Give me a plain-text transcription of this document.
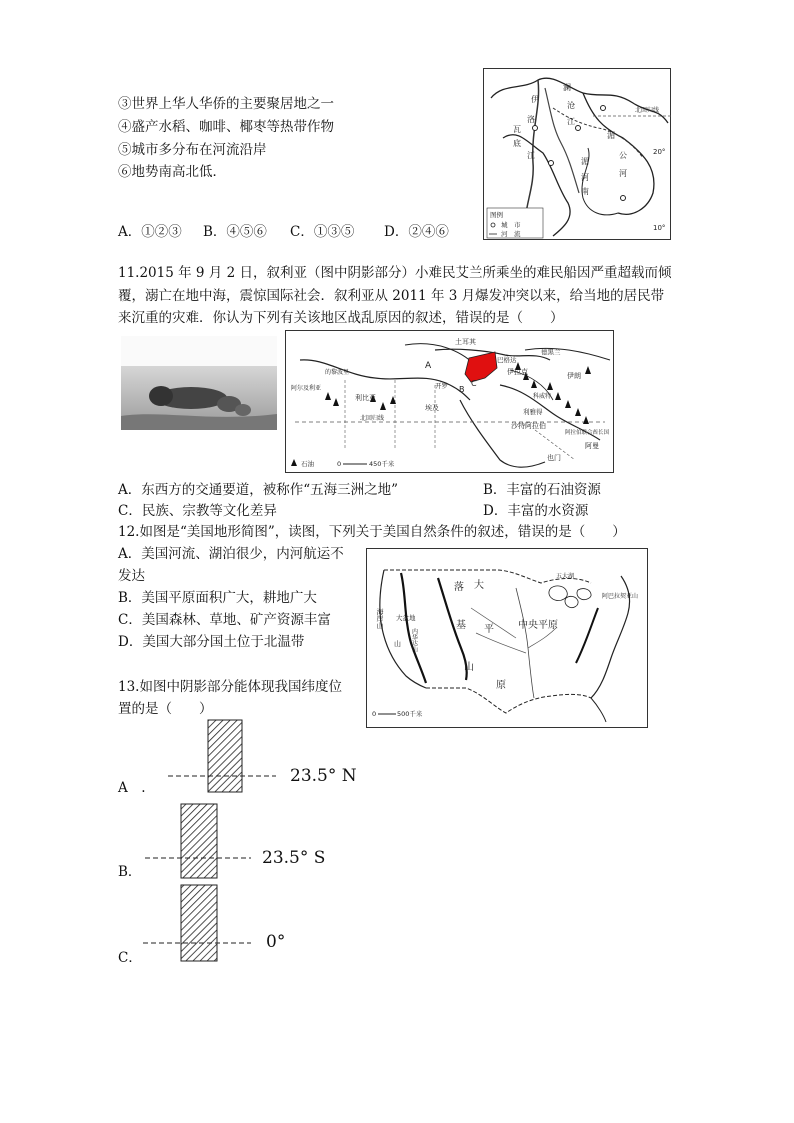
③世界上华人华侨的主要聚居地之一
④盛产水稻、咖啡、椰枣等热带作物
⑤城市多分布在河流沿岸
⑥地势南高北低．
A．①②③ B．④⑤⑥ C．①③⑤ D．②④⑥
澜
伊
沧
洛	江
瓦
底
江
湄
湄
公
河	河
南
北回归线
20°
10°
图例
城　市
河　流
11.2015 年 9 月 2 日，叙利亚（图中阴影部分）小难民艾兰所乘坐的难民船因严重超载而倾
覆，溺亡在地中海，震惊国际社会．叙利亚从 2011 年 3 月爆发冲突以来，给当地的居民带
来沉重的灾难．你认为下列有关该地区战乱原因的叙述，错误的是（　　）
土耳其
巴格达
德黑兰
伊拉克	伊朗
开罗
埃及
科威特
利雅得
沙特阿拉伯
阿拉伯联合酋长国
也门
阿曼
利比亚
阿尔及利亚
的黎波里
北回归线
A
B
C
石油	0	450千米
A．东西方的交通要道，被称作“五海三洲之地”	B．丰富的石油资源
C．民族、宗教等文化差异	D．丰富的水资源
12.如图是“美国地形简图”，读图，下列关于美国自然条件的叙述，错误的是（　　）
A．美国河流、湖泊很少，内河航运不
发达
B．美国平原面积广大，耕地广大
C．美国森林、草地、矿产资源丰富
D．美国大部分国土位于北温带
落 大
基 平
山
原
中央平原
海岸山 大盆地
内华达山
山
五大湖
阿巴拉契亚山
0	500千米
13.如图中阴影部分能体现我国纬度位
置的是（　　）
A　.
23.5° N
B．
23.5° S
C．
0°
